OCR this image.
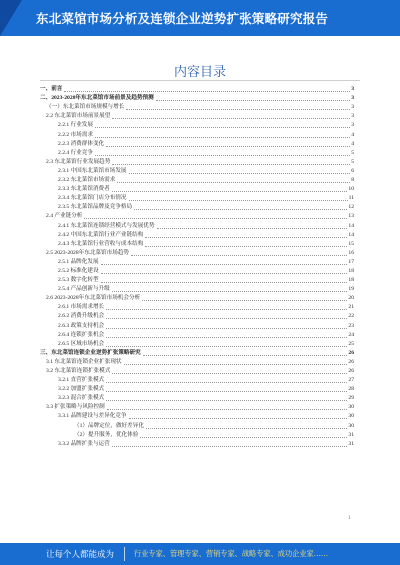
东北菜馆市场分析及连锁企业逆势扩张策略研究报告
内容目录
一、前言	3
二、2023-2028年东北菜馆市场前景及趋势预测	3
（一）东北菜馆市场规模与增长	3
2.2 东北菜馆市场前景展望	3
2.2.1 行业发展	3
2.2.2 市场需求	4
2.2.3 消费群体变化	4
2.2.4 行业竞争	5
2.3 东北菜馆行业发展趋势	5
2.3.1 中国东北菜馆市场发展	6
2.3.2 东北菜馆市场需求	8
2.3.3 东北菜馆消费者	10
2.3.4 东北菜馆门店分布情况	11
2.3.5 东北菜馆品牌及竞争格局	12
2.4 产业链分析	13
2.4.1 东北菜馆连锁经营模式与发展优势	14
2.4.2 中国东北菜馆行业产业链结构	14
2.4.3 东北菜馆行业营收与成本结构	15
2.5 2023-2028年东北菜馆市场趋势	16
2.5.1 品牌化发展	17
2.5.2 标准化建设	18
2.5.3 数字化转型	18
2.5.4 产品创新与升级	19
2.6 2023-2028年东北菜馆市场机会分析	20
2.6.1 市场需求增长	21
2.6.2 消费升级机会	22
2.6.3 政策支持机会	23
2.6.4 连锁扩张机会	24
2.6.5 区域市场机会	25
三、东北菜馆连锁企业逆势扩张策略研究	26
3.1 东北菜馆连锁企业扩张现状	26
3.2 东北菜馆连锁扩张模式	26
3.2.1 直营扩张模式	27
3.2.2 加盟扩张模式	28
3.2.3 混合扩张模式	29
3.3 扩张策略与风险控制	30
3.3.1 品牌建设与差异化竞争	30
（1）品牌定位，做好差异化	30
（2）提升服务，优化体验	31
3.3.2 品牌扩张与运营	31
1
让每个人都能成为	行业专家、管理专家、营销专家、战略专家、成功企业家……
